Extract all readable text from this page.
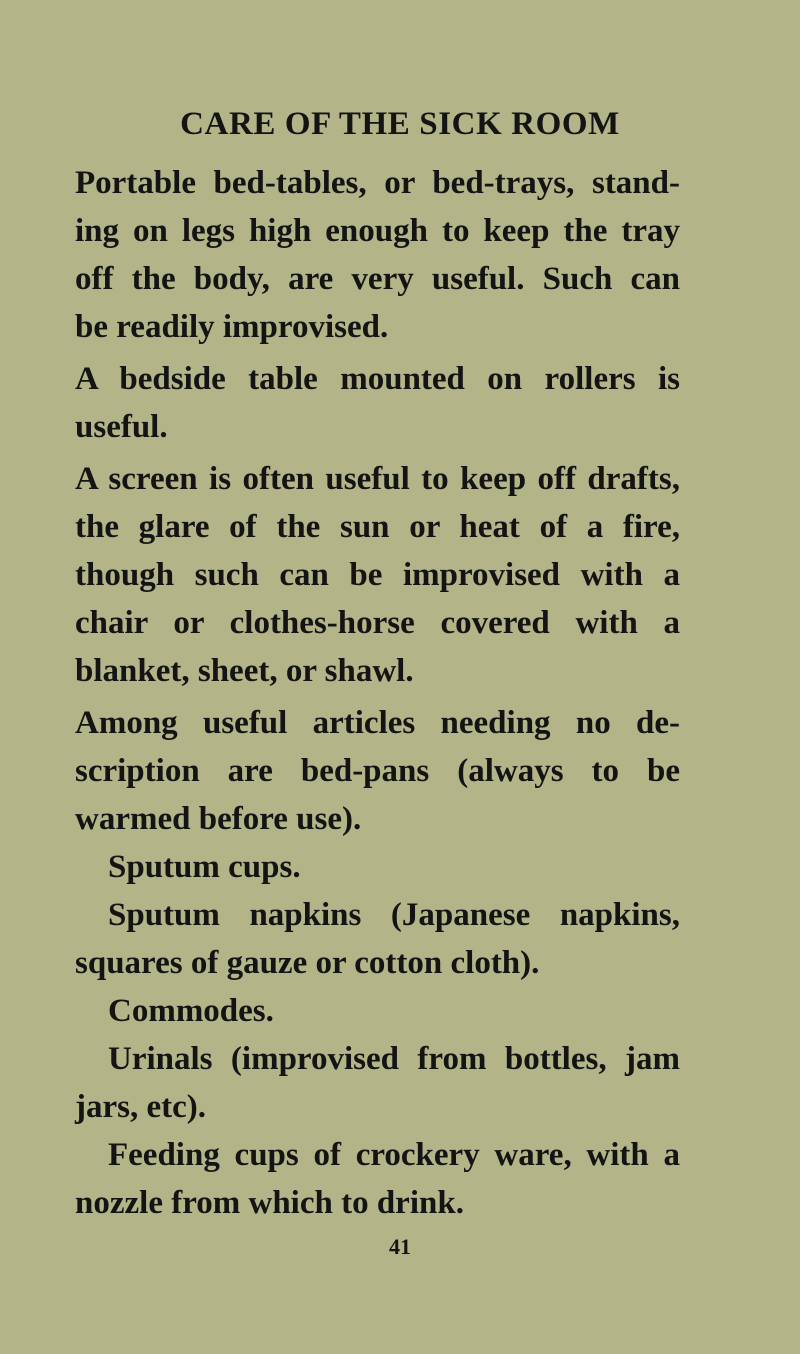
CARE OF THE SICK ROOM
Portable bed-tables, or bed-trays, stand-
ing on legs high enough to keep the tray
off the body, are very useful. Such can
be readily improvised.
A bedside table mounted on rollers is
useful.
A screen is often useful to keep off drafts,
the glare of the sun or heat of a fire,
though such can be improvised with a
chair or clothes-horse covered with a
blanket, sheet, or shawl.
Among useful articles needing no de-
scription are bed-pans (always to be
warmed before use).
Sputum cups.
Sputum napkins (Japanese napkins,
squares of gauze or cotton cloth).
Commodes.
Urinals (improvised from bottles, jam
jars, etc).
Feeding cups of crockery ware, with a
nozzle from which to drink.
41
